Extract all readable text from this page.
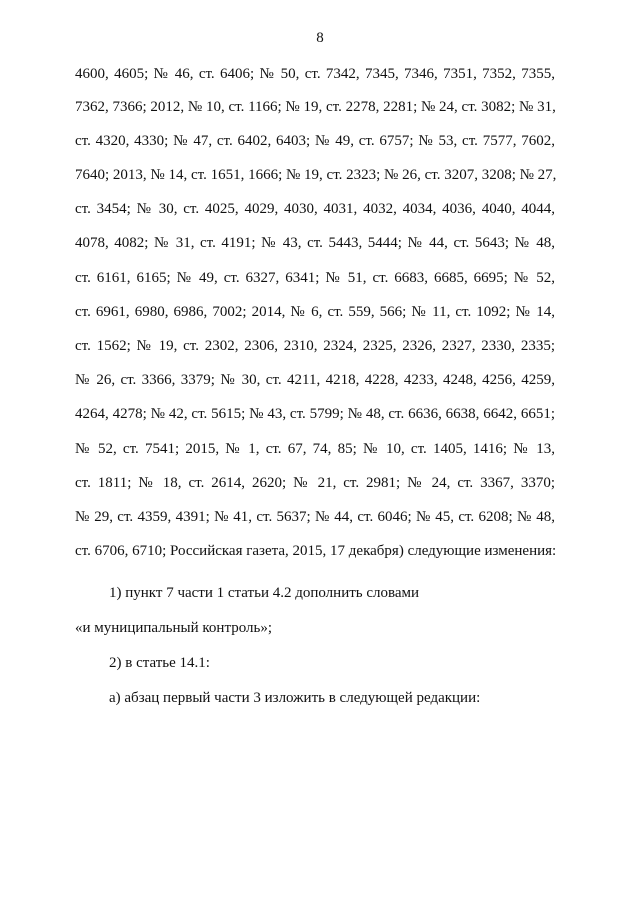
8
4600, 4605; № 46, ст. 6406; № 50, ст. 7342, 7345, 7346, 7351, 7352, 7355,
7362, 7366; 2012, № 10, ст. 1166; № 19, ст. 2278, 2281; № 24, ст. 3082; № 31,
ст. 4320, 4330; № 47, ст. 6402, 6403; № 49, ст. 6757; № 53, ст. 7577, 7602,
7640; 2013, № 14, ст. 1651, 1666; № 19, ст. 2323; № 26, ст. 3207, 3208; № 27,
ст. 3454; № 30, ст. 4025, 4029, 4030, 4031, 4032, 4034, 4036, 4040, 4044,
4078, 4082; № 31, ст. 4191; № 43, ст. 5443, 5444; № 44, ст. 5643; № 48,
ст. 6161, 6165; № 49, ст. 6327, 6341; № 51, ст. 6683, 6685, 6695; № 52,
ст. 6961, 6980, 6986, 7002; 2014, № 6, ст. 559, 566; № 11, ст. 1092; № 14,
ст. 1562; № 19, ст. 2302, 2306, 2310, 2324, 2325, 2326, 2327, 2330, 2335;
№ 26, ст. 3366, 3379; № 30, ст. 4211, 4218, 4228, 4233, 4248, 4256, 4259,
4264, 4278; № 42, ст. 5615; № 43, ст. 5799; № 48, ст. 6636, 6638, 6642, 6651;
№ 52, ст. 7541; 2015, № 1, ст. 67, 74, 85; № 10, ст. 1405, 1416; № 13,
ст. 1811; № 18, ст. 2614, 2620; № 21, ст. 2981; № 24, ст. 3367, 3370;
№ 29, ст. 4359, 4391; № 41, ст. 5637; № 44, ст. 6046; № 45, ст. 6208; № 48,
ст. 6706, 6710; Российская газета, 2015, 17 декабря) следующие изменения:
1) пункт 7 части 1 статьи 4.2 дополнить словами
«и муниципальный контроль»;
2) в статье 14.1:
а) абзац первый части 3 изложить в следующей редакции:
